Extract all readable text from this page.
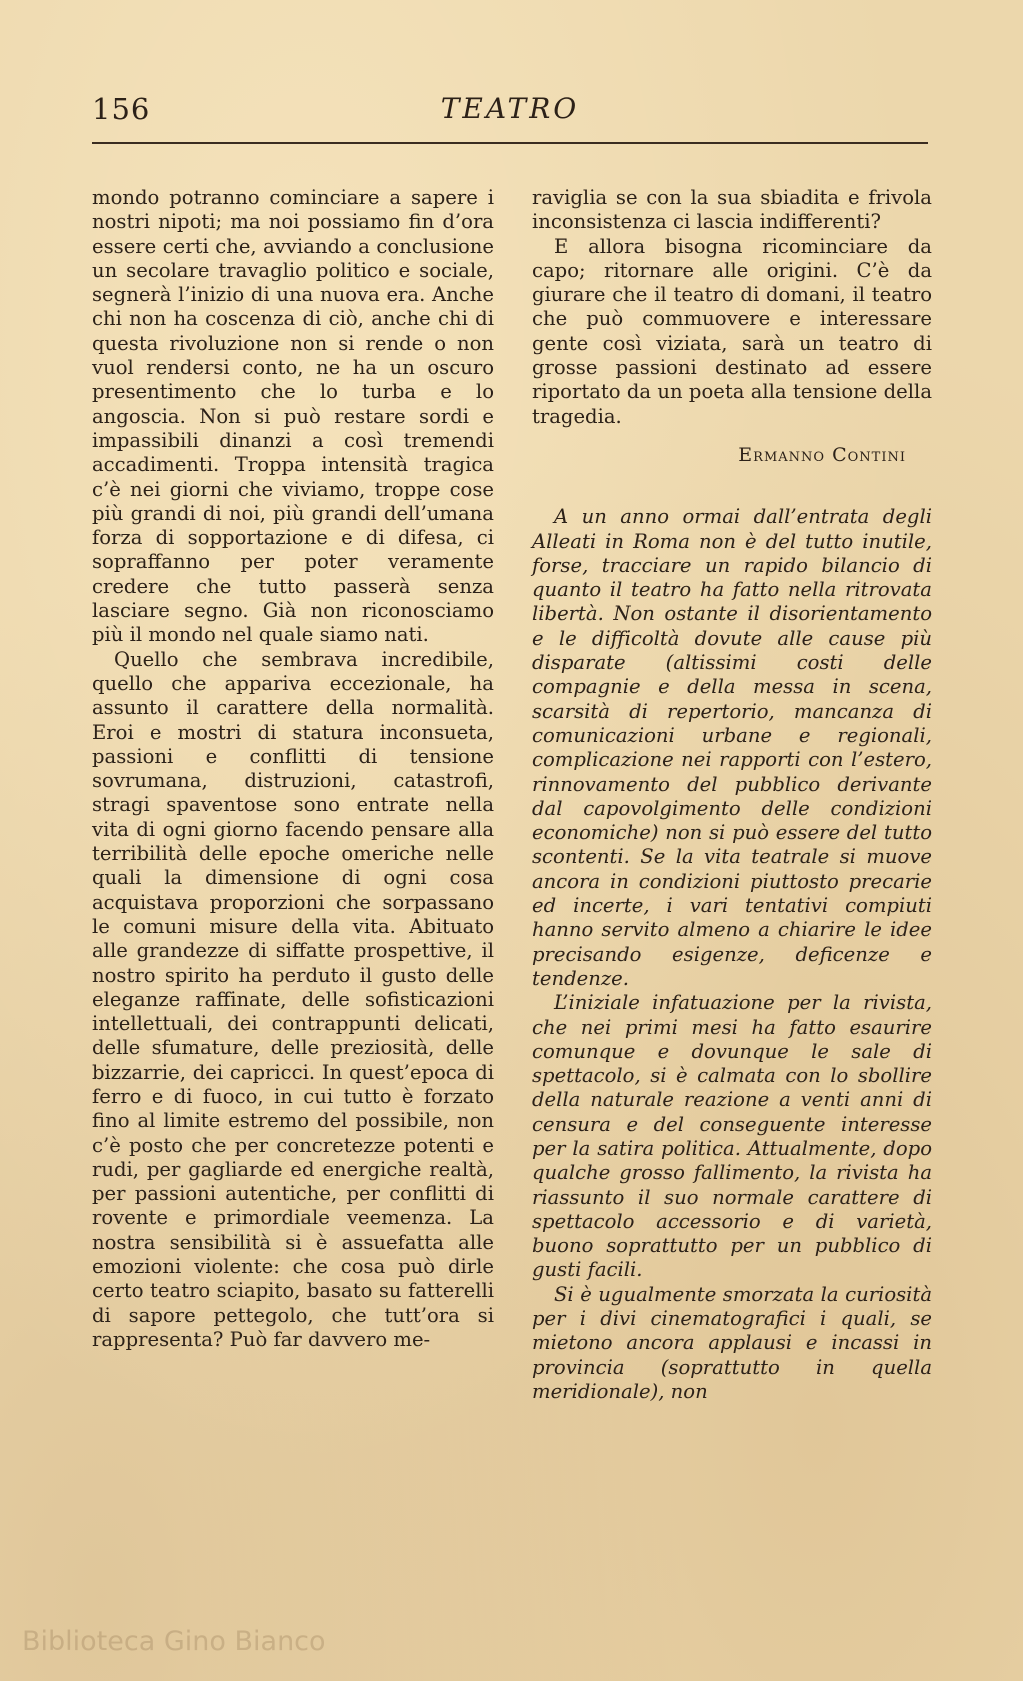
156	TEATRO

mondo potranno cominciare a sapere i nostri nipoti; ma noi possiamo fin d’ora essere certi che, avviando a conclusione un secolare travaglio politico e sociale, segnerà l’inizio di una nuova era. Anche chi non ha coscenza di ciò, anche chi di questa rivoluzione non si rende o non vuol rendersi conto, ne ha un oscuro presentimento che lo turba e lo angoscia. Non si può restare sordi e impassibili dinanzi a così tremendi accadimenti. Troppa intensità tragica c’è nei giorni che viviamo, troppe cose più grandi di noi, più grandi dell’umana forza di sopportazione e di difesa, ci sopraffanno per poter veramente credere che tutto passerà senza lasciare segno. Già non riconosciamo più il mondo nel quale siamo nati.

Quello che sembrava incredibile, quello che appariva eccezionale, ha assunto il carattere della normalità. Eroi e mostri di statura inconsueta, passioni e conflitti di tensione sovrumana, distruzioni, catastrofi, stragi spaventose sono entrate nella vita di ogni giorno facendo pensare alla terribilità delle epoche omeriche nelle quali la dimensione di ogni cosa acquistava proporzioni che sorpassano le comuni misure della vita. Abituato alle grandezze di siffatte prospettive, il nostro spirito ha perduto il gusto delle eleganze raffinate, delle sofisticazioni intellettuali, dei contrappunti delicati, delle sfumature, delle preziosità, delle bizzarrie, dei capricci. In quest’epoca di ferro e di fuoco, in cui tutto è forzato fino al limite estremo del possibile, non c’è posto che per concretezze potenti e rudi, per gagliarde ed energiche realtà, per passioni autentiche, per conflitti di rovente e primordiale veemenza. La nostra sensibilità si è assuefatta alle emozioni violente: che cosa può dirle certo teatro sciapito, basato su fatterelli di sapore pettegolo, che tutt’ora si rappresenta? Può far davvero me-

raviglia se con la sua sbiadita e frivola inconsistenza ci lascia indifferenti?

E allora bisogna ricominciare da capo; ritornare alle origini. C’è da giurare che il teatro di domani, il teatro che può commuovere e interessare gente così viziata, sarà un teatro di grosse passioni destinato ad essere riportato da un poeta alla tensione della tragedia.

Ermanno Contini

A un anno ormai dall’entrata degli Alleati in Roma non è del tutto inutile, forse, tracciare un rapido bilancio di quanto il teatro ha fatto nella ritrovata libertà. Non ostante il disorientamento e le difficoltà dovute alle cause più disparate (altissimi costi delle compagnie e della messa in scena, scarsità di repertorio, mancanza di comunicazioni urbane e regionali, complicazione nei rapporti con l’estero, rinnovamento del pubblico derivante dal capovolgimento delle condizioni economiche) non si può essere del tutto scontenti. Se la vita teatrale si muove ancora in condizioni piuttosto precarie ed incerte, i vari tentativi compiuti hanno servito almeno a chiarire le idee precisando esigenze, deficenze e tendenze.

L’iniziale infatuazione per la rivista, che nei primi mesi ha fatto esaurire comunque e dovunque le sale di spettacolo, si è calmata con lo sbollire della naturale reazione a venti anni di censura e del conseguente interesse per la satira politica. Attualmente, dopo qualche grosso fallimento, la rivista ha riassunto il suo normale carattere di spettacolo accessorio e di varietà, buono soprattutto per un pubblico di gusti facili.

Si è ugualmente smorzata la curiosità per i divi cinematografici i quali, se mietono ancora applausi e incassi in provincia (soprattutto in quella meridionale), non

Biblioteca Gino Bianco
